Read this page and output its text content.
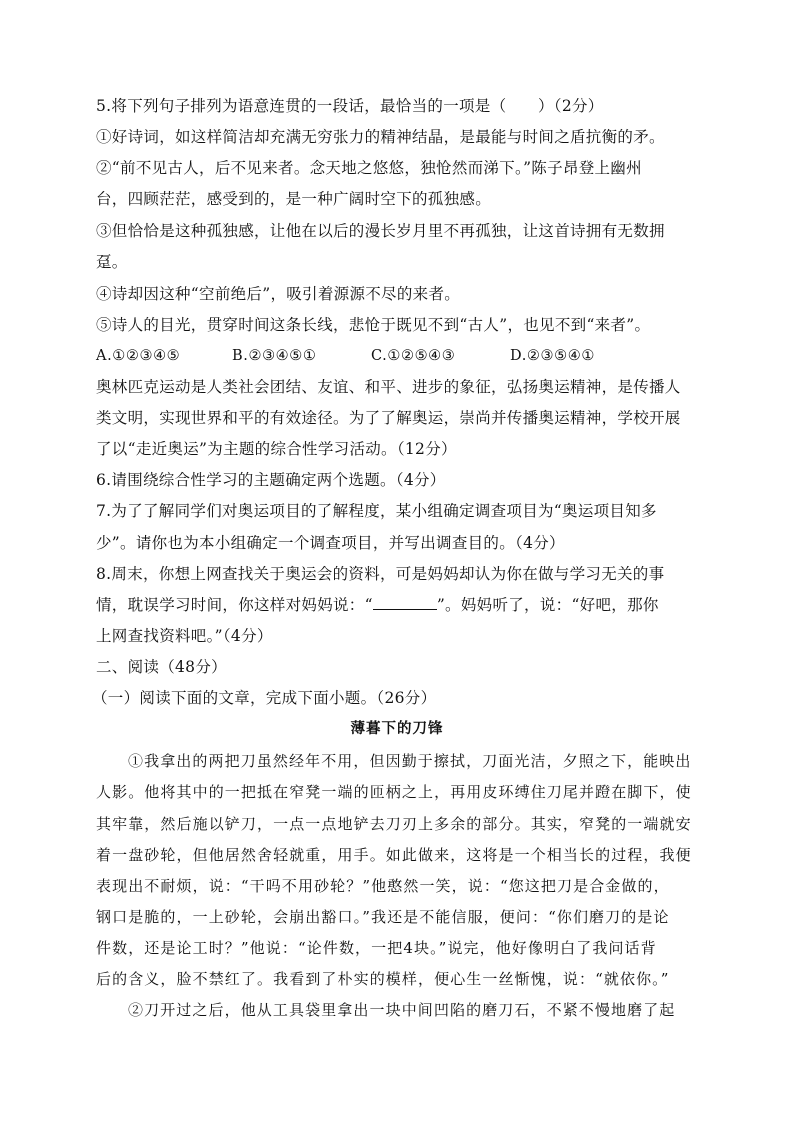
5.将下列句子排列为语意连贯的一段话，最恰当的一项是（　　）（2分）
①好诗词，如这样简洁却充满无穷张力的精神结晶，是最能与时间之盾抗衡的矛。
②“前不见古人，后不见来者。念天地之悠悠，独怆然而涕下。”陈子昂登上幽州
台，四顾茫茫，感受到的，是一种广阔时空下的孤独感。
③但恰恰是这种孤独感，让他在以后的漫长岁月里不再孤独，让这首诗拥有无数拥
趸。
④诗却因这种“空前绝后”，吸引着源源不尽的来者。
⑤诗人的目光，贯穿时间这条长线，悲怆于既见不到“古人”，也见不到“来者”。
A.①②③④⑤	B.②③④⑤①	C.①②⑤④③	D.②③⑤④①
奥林匹克运动是人类社会团结、友谊、和平、进步的象征，弘扬奥运精神，是传播人
类文明，实现世界和平的有效途径。为了了解奥运，崇尚并传播奥运精神，学校开展
了以“走近奥运”为主题的综合性学习活动。（12分）
6.请围绕综合性学习的主题确定两个选题。（4分）
7.为了了解同学们对奥运项目的了解程度，某小组确定调查项目为“奥运项目知多
少”。请你也为本小组确定一个调查项目，并写出调查目的。（4分）
8.周末，你想上网查找关于奥运会的资料，可是妈妈却认为你在做与学习无关的事
情，耽误学习时间，你这样对妈妈说：“	”。妈妈听了，说：“好吧，那你
上网查找资料吧。”（4分）
二、阅读（48分）
（一）阅读下面的文章，完成下面小题。（26分）
薄暮下的刀锋
①我拿出的两把刀虽然经年不用，但因勤于擦拭，刀面光洁，夕照之下，能映出
人影。他将其中的一把抵在窄凳一端的匝柄之上，再用皮环缚住刀尾并蹬在脚下，使
其牢靠，然后施以铲刀，一点一点地铲去刀刃上多余的部分。其实，窄凳的一端就安
着一盘砂轮，但他居然舍轻就重，用手。如此做来，这将是一个相当长的过程，我便
表现出不耐烦，说：“干吗不用砂轮？”他憨然一笑，说：“您这把刀是合金做的，
钢口是脆的，一上砂轮，会崩出豁口。”我还是不能信服，便问：“你们磨刀的是论
件数，还是论工时？”他说：“论件数，一把4块。”说完，他好像明白了我问话背
后的含义，脸不禁红了。我看到了朴实的模样，便心生一丝惭愧，说：“就依你。”
②刀开过之后，他从工具袋里拿出一块中间凹陷的磨刀石，不紧不慢地磨了起
